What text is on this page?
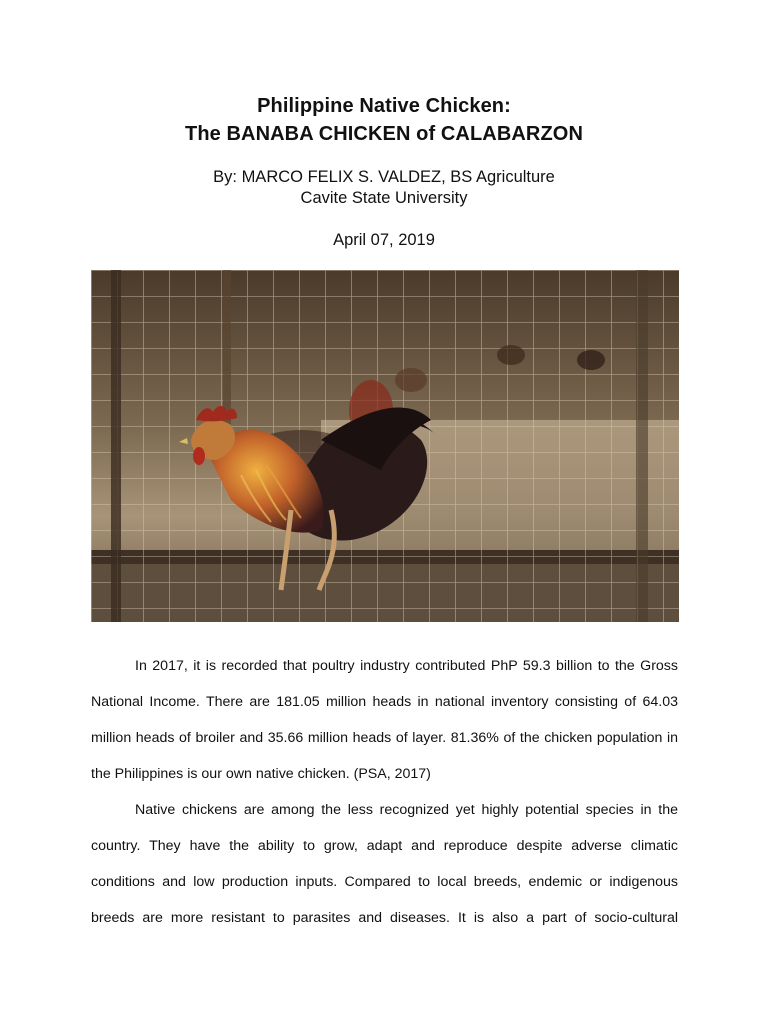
Philippine Native Chicken:
The BANABA CHICKEN of CALABARZON
By: MARCO FELIX S. VALDEZ, BS Agriculture
Cavite State University
April 07, 2019

In 2017, it is recorded that poultry industry contributed PhP 59.3 billion to the Gross National Income. There are 181.05 million heads in national inventory consisting of 64.03 million heads of broiler and 35.66 million heads of layer. 81.36% of the chicken population in the Philippines is our own native chicken. (PSA, 2017)

Native chickens are among the less recognized yet highly potential species in the country. They have the ability to grow, adapt and reproduce despite adverse climatic conditions and low production inputs. Compared to local breeds, endemic or indigenous breeds are more resistant to parasites and diseases. It is also a part of socio-cultural
